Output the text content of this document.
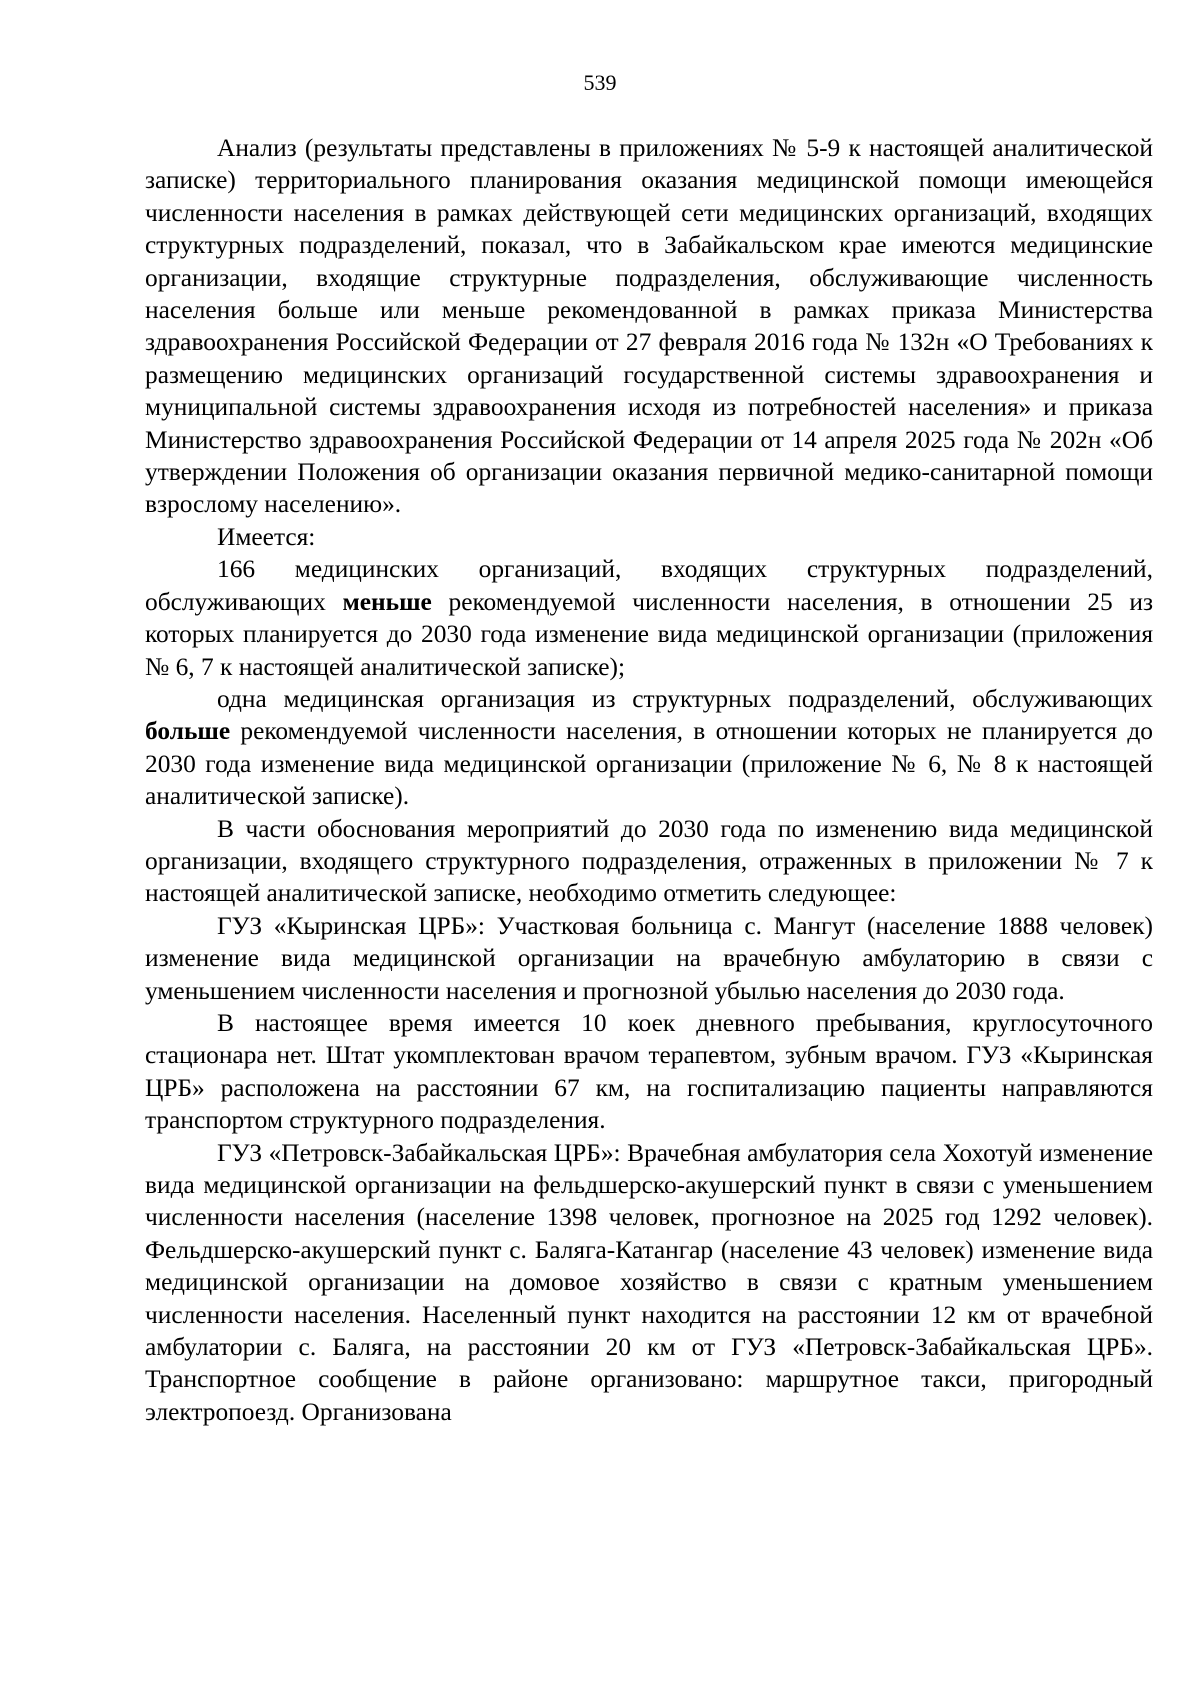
539

Анализ (результаты представлены в приложениях № 5-9 к настоящей аналитической записке) территориального планирования оказания медицинской помощи имеющейся численности населения в рамках действующей сети медицинских организаций, входящих структурных подразделений, показал, что в Забайкальском крае имеются медицинские организации, входящие структурные подразделения, обслуживающие численность населения больше или меньше рекомендованной в рамках приказа Министерства здравоохранения Российской Федерации от 27 февраля 2016 года № 132н «О Требованиях к размещению медицинских организаций государственной системы здравоохранения и муниципальной системы здравоохранения исходя из потребностей населения» и приказа Министерство здравоохранения Российской Федерации от 14 апреля 2025 года № 202н «Об утверждении Положения об организации оказания первичной медико-санитарной помощи взрослому населению».

Имеется:

166 медицинских организаций, входящих структурных подразделений, обслуживающих меньше рекомендуемой численности населения, в отношении 25 из которых планируется до 2030 года изменение вида медицинской организации (приложения № 6, 7 к настоящей аналитической записке);

одна медицинская организация из структурных подразделений, обслуживающих больше рекомендуемой численности населения, в отношении которых не планируется до 2030 года изменение вида медицинской организации (приложение № 6, № 8 к настоящей аналитической записке).

В части обоснования мероприятий до 2030 года по изменению вида медицинской организации, входящего структурного подразделения, отраженных в приложении № 7 к настоящей аналитической записке, необходимо отметить следующее:

ГУЗ «Кыринская ЦРБ»: Участковая больница с. Мангут (население 1888 человек) изменение вида медицинской организации на врачебную амбулаторию в связи с уменьшением численности населения и прогнозной убылью населения до 2030 года.

В настоящее время имеется 10 коек дневного пребывания, круглосуточного стационара нет. Штат укомплектован врачом терапевтом, зубным врачом. ГУЗ «Кыринская ЦРБ» расположена на расстоянии 67 км, на госпитализацию пациенты направляются транспортом структурного подразделения.

ГУЗ «Петровск-Забайкальская ЦРБ»: Врачебная амбулатория села Хохотуй изменение вида медицинской организации на фельдшерско-акушерский пункт в связи с уменьшением численности населения (население 1398 человек, прогнозное на 2025 год 1292 человек). Фельдшерско-акушерский пункт с. Баляга-Катангар (население 43 человек) изменение вида медицинской организации на домовое хозяйство в связи с кратным уменьшением численности населения. Населенный пункт находится на расстоянии 12 км от врачебной амбулатории с. Баляга, на расстоянии 20 км от ГУЗ «Петровск-Забайкальская ЦРБ». Транспортное сообщение в районе организовано: маршрутное такси, пригородный электропоезд. Организована
